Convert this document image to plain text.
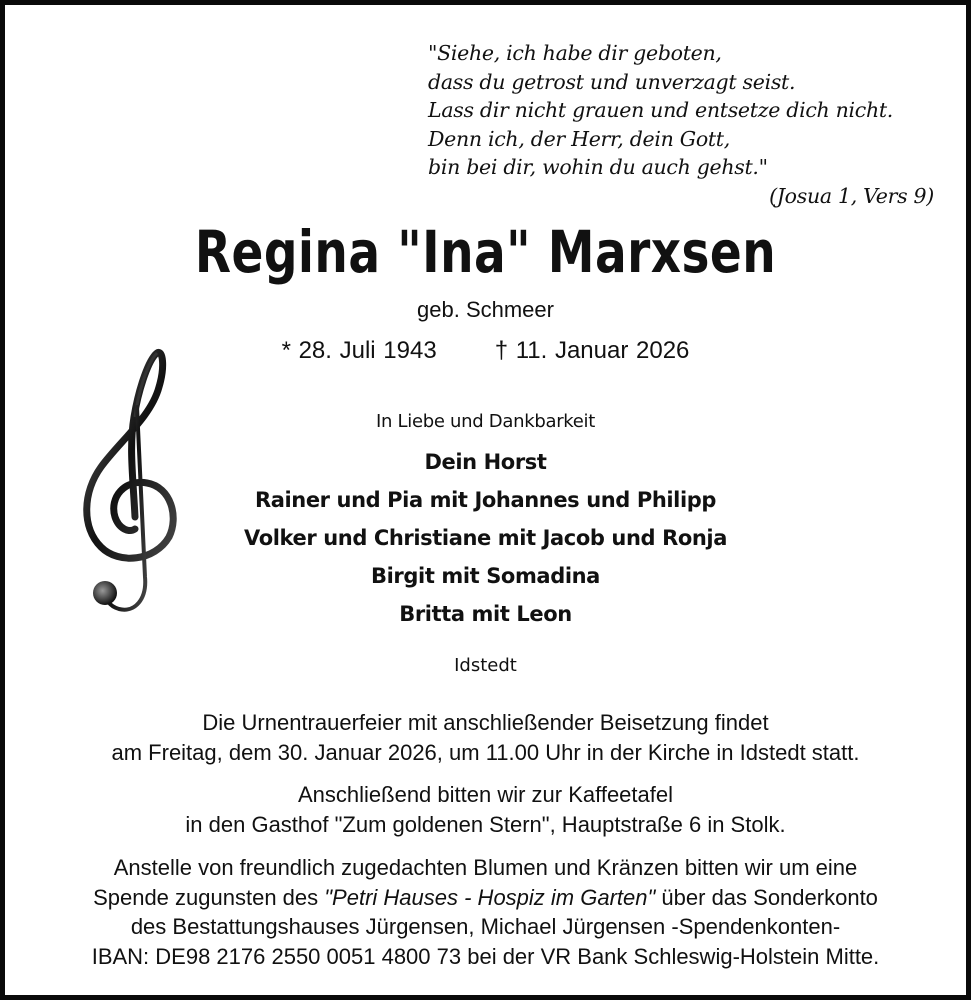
"Siehe, ich habe dir geboten,
dass du getrost und unverzagt seist.
Lass dir nicht grauen und entsetze dich nicht.
Denn ich, der Herr, dein Gott,
bin bei dir, wohin du auch gehst."
(Josua 1, Vers 9)
Regina "Ina" Marxsen
geb. Schmeer
* 28. Juli 1943 † 11. Januar 2026
In Liebe und Dankbarkeit
Dein Horst
Rainer und Pia mit Johannes und Philipp
Volker und Christiane mit Jacob und Ronja
Birgit mit Somadina
Britta mit Leon
Idstedt
Die Urnentrauerfeier mit anschließender Beisetzung findet
am Freitag, dem 30. Januar 2026, um 11.00 Uhr in der Kirche in Idstedt statt.
Anschließend bitten wir zur Kaffeetafel
in den Gasthof "Zum goldenen Stern", Hauptstraße 6 in Stolk.
Anstelle von freundlich zugedachten Blumen und Kränzen bitten wir um eine
Spende zugunsten des "Petri Hauses - Hospiz im Garten" über das Sonderkonto
des Bestattungshauses Jürgensen, Michael Jürgensen -Spendenkonten-
IBAN: DE98 2176 2550 0051 4800 73 bei der VR Bank Schleswig-Holstein Mitte.
